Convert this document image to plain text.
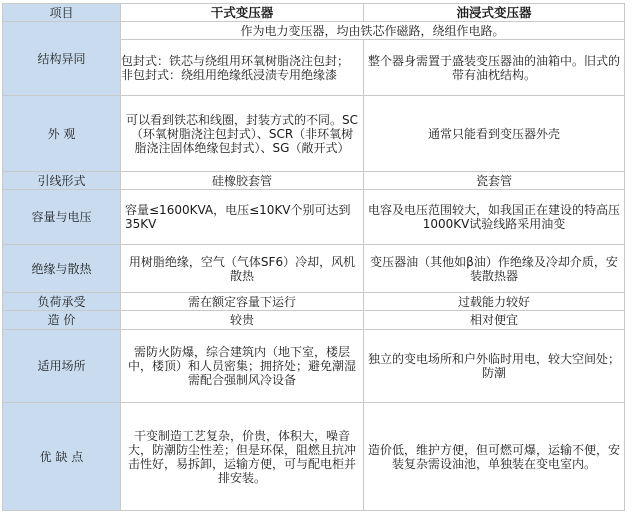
项目	干式变压器	油浸式变压器
结构异同	作为电力变压器，均由铁芯作磁路，绕组作电路。	
	包封式：铁芯与绕组用环氧树脂浇注包封；非包封式：绕组用绝缘纸浸渍专用绝缘漆	整个器身需置于盛装变压器油的油箱中。旧式的带有油枕结构。
外 观	可以看到铁芯和线圈，封装方式的不同。SC（环氧树脂浇注包封式）、SCR（非环氧树脂浇注固体绝缘包封式）、SG（敞开式）	通常只能看到变压器外壳
引线形式	硅橡胶套管	瓷套管
容量与电压	容量≤1600KVA，电压≤10KV个别可达到35KV	电容及电压范围较大，如我国正在建设的特高压1000KV试验线路采用油变
绝缘与散热	用树脂绝缘，空气（气体SF6）冷却，风机散热	变压器油（其他如β油）作绝缘及冷却介质，安装散热器
负荷承受	需在额定容量下运行	过载能力较好
造 价	较贵	相对便宜
适用场所	需防火防爆，综合建筑内（地下室，楼层中，楼顶）和人员密集；拥挤处；避免潮湿需配合强制风冷设备	独立的变电场所和户外临时用电，较大空间处；防潮
优 缺 点	干变制造工艺复杂，价贵，体积大，噪音大，防潮防尘性差；但是环保，阻燃且抗冲击性好，易拆卸，运输方便，可与配电柜并排安装。	造价低，维护方便，但可燃可爆，运输不便，安装复杂需设油池，单独装在变电室内。
